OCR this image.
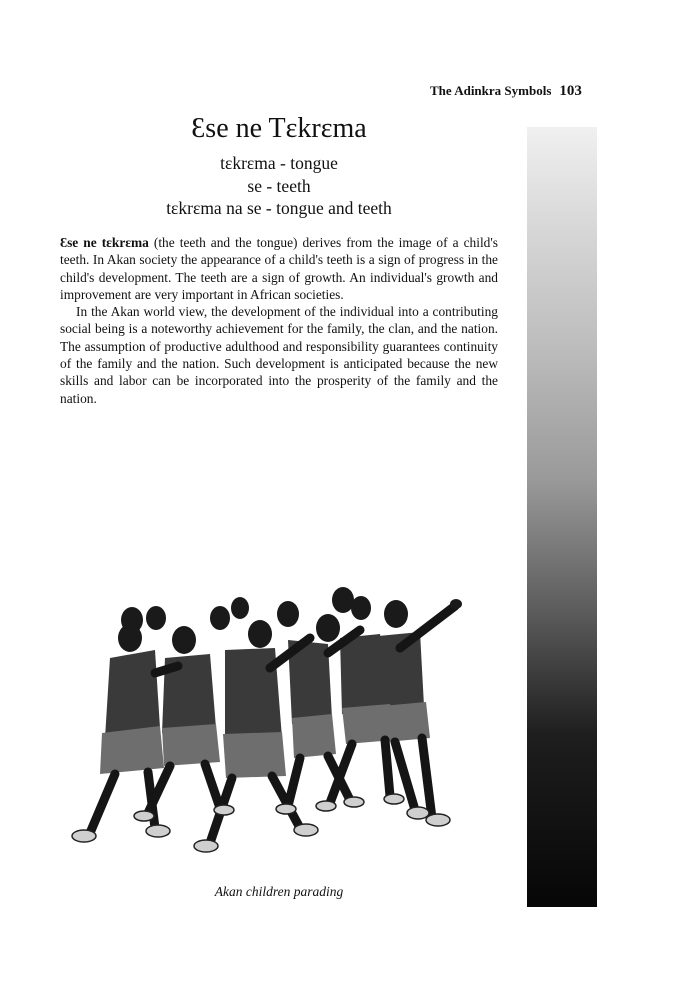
The Adinkra Symbols 103
Ɛse ne Tɛkrɛma
tɛkrɛma - tongue
se - teeth
tɛkrɛma na se - tongue and teeth

Ɛse ne tɛkrɛma (the teeth and the tongue) derives from the image of a child's teeth. In Akan society the appearance of a child's teeth is a sign of progress in the child's development. The teeth are a sign of growth. An individual's growth and improvement are very important in African societies.

In the Akan world view, the development of the individual into a contributing social being is a noteworthy achievement for the family, the clan, and the nation. The assumption of productive adulthood and responsibility guarantees continuity of the family and the nation. Such development is anticipated because the new skills and labor can be incorporated into the prosperity of the family and the nation.

Akan children parading
